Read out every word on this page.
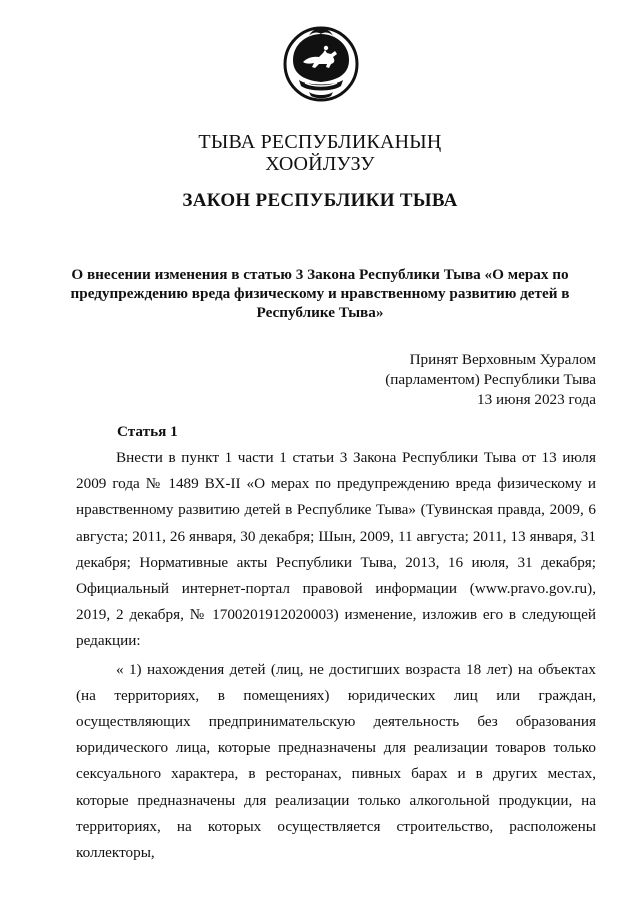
ТЫВА РЕСПУБЛИКАНЫҢ
ХООЙЛУЗУ
ЗАКОН РЕСПУБЛИКИ ТЫВА
О внесении изменения в статью 3 Закона Республики Тыва «О мерах по
предупреждению вреда физическому и нравственному развитию детей в
Республике Тыва»
Принят Верховным Хуралом
(парламентом) Республики Тыва
13 июня 2023 года
Статья 1

Внести в пункт 1 части 1 статьи 3 Закона Республики Тыва от 13 июля 2009 года № 1489 ВХ-II «О мерах по предупреждению вреда физическому и нравственному развитию детей в Республике Тыва» (Тувинская правда, 2009, 6 августа; 2011, 26 января, 30 декабря; Шын, 2009, 11 августа; 2011, 13 января, 31 декабря; Нормативные акты Республики Тыва, 2013, 16 июля, 31 декабря; Официальный интернет-портал правовой информации (www.pravo.gov.ru), 2019, 2 декабря, № 1700201912020003) изменение, изложив его в следующей редакции:

« 1) нахождения детей (лиц, не достигших возраста 18 лет) на объектах (на территориях, в помещениях) юридических лиц или граждан, осуществляющих предпринимательскую деятельность без образования юридического лица, которые предназначены для реализации товаров только сексуального характера, в ресторанах, пивных барах и в других местах, которые предназначены для реализации только алкогольной продукции, на территориях, на которых осуществляется строительство, расположены коллекторы,
